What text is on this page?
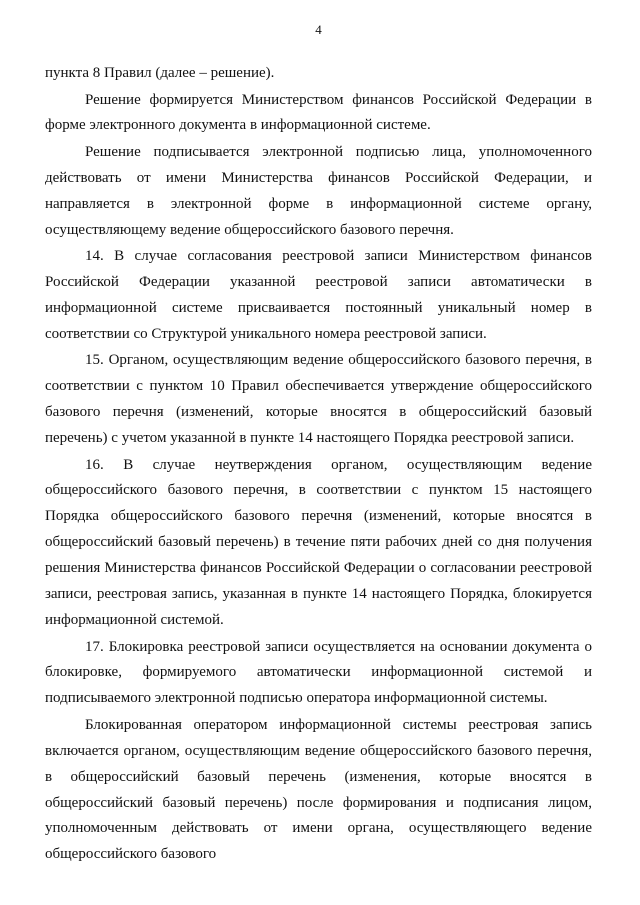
4

пункта 8 Правил (далее – решение).

Решение формируется Министерством финансов Российской Федерации в форме электронного документа в информационной системе.

Решение подписывается электронной подписью лица, уполномоченного действовать от имени Министерства финансов Российской Федерации, и направляется в электронной форме в информационной системе органу, осуществляющему ведение общероссийского базового перечня.

14. В случае согласования реестровой записи Министерством финансов Российской Федерации указанной реестровой записи автоматически в информационной системе присваивается постоянный уникальный номер в соответствии со Структурой уникального номера реестровой записи.

15. Органом, осуществляющим ведение общероссийского базового перечня, в соответствии с пунктом 10 Правил обеспечивается утверждение общероссийского базового перечня (изменений, которые вносятся в общероссийский базовый перечень) с учетом указанной в пункте 14 настоящего Порядка реестровой записи.

16. В случае неутверждения органом, осуществляющим ведение общероссийского базового перечня, в соответствии с пунктом 15 настоящего Порядка общероссийского базового перечня (изменений, которые вносятся в общероссийский базовый перечень) в течение пяти рабочих дней со дня получения решения Министерства финансов Российской Федерации о согласовании реестровой записи, реестровая запись, указанная в пункте 14 настоящего Порядка, блокируется информационной системой.

17. Блокировка реестровой записи осуществляется на основании документа о блокировке, формируемого автоматически информационной системой и подписываемого электронной подписью оператора информационной системы.

Блокированная оператором информационной системы реестровая запись включается органом, осуществляющим ведение общероссийского базового перечня, в общероссийский базовый перечень (изменения, которые вносятся в общероссийский базовый перечень) после формирования и подписания лицом, уполномоченным действовать от имени органа, осуществляющего ведение общероссийского базового
